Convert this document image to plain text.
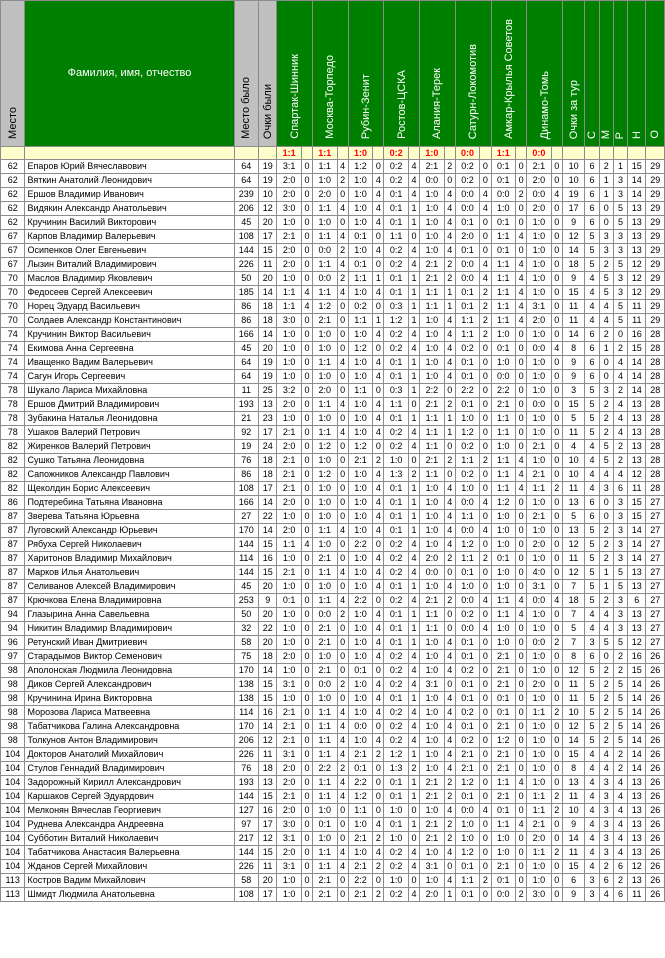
Место	Фамилия, имя, отчество	Место было	Очки были	Спартак-Шинник		Москва-Торпедо		Рубин-Зенит		Ростов-ЦСКА		Алания-Терек		Сатурн-Локомотив		Амкар-Крылья Советов		Динамо-Томь		Очки за тур	С	М	Р	Н	О
				1:1		1:1		1:0		0:2		1:0		0:0		1:1		0:0							
62	Епаров Юрий Вячеславович	64	19	3:1	0	1:1	4	1:2	0	0:2	4	2:1	2	0:2	0	0:1	0	2:1	0	10	6	2	1	15	29
62	Вяткин Анатолий Леонидович	64	19	2:0	0	1:0	2	1:0	4	0:2	4	0:0	0	0:2	0	0:1	0	2:0	0	10	6	1	3	14	29
62	Ершов Владимир Иванович	239	10	2:0	0	2:0	0	1:0	4	0:1	4	1:0	4	0:0	4	0:0	2	0:0	4	19	6	1	3	14	29
62	Видякин Александр Анатольевич	206	12	3:0	0	1:1	4	1:0	4	0:1	1	1:0	4	0:0	4	1:0	0	2:0	0	17	6	0	5	13	29
62	Кручинин Василий Викторович	45	20	1:0	0	1:0	0	1:0	4	0:1	1	1:0	4	0:1	0	0:1	0	1:0	0	9	6	0	5	13	29
67	Карпов Владимир Валерьевич	108	17	2:1	0	1:1	4	0:1	0	1:1	0	1:0	4	2:0	0	1:1	4	1:0	0	12	5	3	3	13	29
67	Осипенков Олег Евгеньевич	144	15	2:0	0	0:0	2	1:0	4	0:2	4	1:0	4	0:1	0	0:1	0	1:0	0	14	5	3	3	13	29
67	Лызин Виталий Владимирович	226	11	2:0	0	1:1	4	0:1	0	0:2	4	2:1	2	0:0	4	1:1	4	1:0	0	18	5	2	5	12	29
70	Маслов Владимир Яковлевич	50	20	1:0	0	0:0	2	1:1	1	0:1	1	2:1	2	0:0	4	1:1	4	1:0	0	9	4	5	3	12	29
70	Федосеев Сергей Алексеевич	185	14	1:1	4	1:1	4	1:0	4	0:1	1	1:1	1	0:1	2	1:1	4	1:0	0	15	4	5	3	12	29
70	Норец Эдуард Васильевич	86	18	1:1	4	1:2	0	0:2	0	0:3	1	1:1	1	0:1	2	1:1	4	3:1	0	11	4	4	5	11	29
70	Солдаев Александр Константинович	86	18	3:0	0	2:1	0	1:1	1	1:2	1	1:0	4	1:1	2	1:1	4	2:0	0	11	4	4	5	11	29
74	Кручинин Виктор Васильевич	166	14	1:0	0	1:0	0	1:0	4	0:2	4	1:0	4	1:1	2	1:0	0	1:0	0	14	6	2	0	16	28
74	Екимова Анна Сергеевна	45	20	1:0	0	1:0	0	1:2	0	0:2	4	1:0	4	0:2	0	0:1	0	0:0	4	8	6	1	2	15	28
74	Иващенко Вадим Валерьевич	64	19	1:0	0	1:1	4	1:0	4	0:1	1	1:0	4	0:1	0	1:0	0	1:0	0	9	6	0	4	14	28
74	Сагун Игорь Сергеевич	64	19	1:0	0	1:0	0	1:0	4	0:1	1	1:0	4	0:1	0	0:0	0	1:0	0	9	6	0	4	14	28
78	Шукало Лариса Михайловна	11	25	3:2	0	2:0	0	1:1	0	0:3	1	2:2	0	2:2	0	2:2	0	1:0	0	3	5	3	2	14	28
78	Ершов Дмитрий Владимирович	193	13	2:0	0	1:1	4	1:0	4	1:1	0	2:1	2	0:1	0	2:1	0	0:0	0	15	5	2	4	13	28
78	Зубакина Наталья Леонидовна	21	23	1:0	0	1:0	0	1:0	4	0:1	1	1:1	1	1:0	0	1:1	0	1:0	0	5	5	2	4	13	28
78	Ушаков Валерий Петрович	92	17	2:1	0	1:1	4	1:0	4	0:2	4	1:1	1	1:2	0	1:1	0	1:0	0	11	5	2	4	13	28
82	Жиренков Валерий Петрович	19	24	2:0	0	1:2	0	1:2	0	0:2	4	1:1	0	0:2	0	1:0	0	2:1	0	4	4	5	2	13	28
82	Сушко Татьяна Леонидовна	76	18	2:1	0	1:0	0	2:1	2	1:0	0	2:1	2	1:1	2	1:1	4	1:0	0	10	4	5	2	13	28
82	Сапожников Александр Павлович	86	18	2:1	0	1:2	0	1:0	4	1:3	2	1:1	0	0:2	0	1:1	4	2:1	0	10	4	4	4	12	28
82	Щеколдин Борис Алексеевич	108	17	2:1	0	1:0	0	1:0	4	0:1	1	1:0	4	1:0	0	1:1	4	1:1	2	11	4	3	6	11	28
86	Подтеребина Татьяна Ивановна	166	14	2:0	0	1:0	0	1:0	4	0:1	1	1:0	4	0:0	4	1:2	0	1:0	0	13	6	0	3	15	27
87	Зверева Татьяна Юрьевна	27	22	1:0	0	1:0	0	1:0	4	0:1	1	1:0	4	1:1	0	1:0	0	2:1	0	5	6	0	3	15	27
87	Луговский Александр Юрьевич	170	14	2:0	0	1:1	4	1:0	4	0:1	1	1:0	4	0:0	4	1:0	0	1:0	0	13	5	2	3	14	27
87	Рябуха Сергей Николаевич	144	15	1:1	4	1:0	0	2:2	0	0:2	4	1:0	4	1:2	0	1:0	0	2:0	0	12	5	2	3	14	27
87	Харитонов Владимир Михайлович	114	16	1:0	0	2:1	0	1:0	4	0:2	4	2:0	2	1:1	2	0:1	0	1:0	0	11	5	2	3	14	27
87	Марков Илья Анатольевич	144	15	2:1	0	1:1	4	1:0	4	0:2	4	0:0	0	0:1	0	1:0	0	4:0	0	12	5	1	5	13	27
87	Селиванов Алексей Владимирович	45	20	1:0	0	1:0	0	1:0	4	0:1	1	1:0	4	1:0	0	1:0	0	3:1	0	7	5	1	5	13	27
87	Крючкова Елена Владимировна	253	9	0:1	0	1:1	4	2:2	0	0:2	4	2:1	2	0:0	4	1:1	4	0:0	4	18	5	2	3	6	27
94	Глазырина Анна Савельевна	50	20	1:0	0	0:0	2	1:0	4	0:1	1	1:1	0	0:2	0	1:1	4	1:0	0	7	4	4	3	13	27
94	Никитин Владимир Владимирович	32	22	1:0	0	2:1	0	1:0	4	0:1	1	1:1	0	0:0	4	1:0	0	1:0	0	5	4	4	3	13	27
96	Ретунский Иван Дмитриевич	58	20	1:0	0	2:1	0	1:0	4	0:1	1	1:0	4	0:1	0	1:0	0	0:0	2	7	3	5	5	12	27
97	Старадымов Виктор Семенович	75	18	2:0	0	1:0	0	1:0	4	0:2	4	1:0	4	0:1	0	2:1	0	1:0	0	8	6	0	2	16	26
98	Аполонская Людмила Леонидовна	170	14	1:0	0	2:1	0	0:1	0	0:2	4	1:0	4	0:2	0	2:1	0	1:0	0	12	5	2	2	15	26
98	Диков Сергей Александрович	138	15	3:1	0	0:0	2	1:0	4	0:2	4	3:1	0	0:1	0	2:1	0	2:0	0	11	5	2	5	14	26
98	Кручинина Ирина Викторовна	138	15	1:0	0	1:0	0	1:0	4	0:1	1	1:0	4	0:1	0	0:1	0	1:0	0	11	5	2	5	14	26
98	Морозова Лариса Матвеевна	114	16	2:1	0	1:1	4	1:0	4	0:2	4	1:0	4	0:2	0	0:1	0	1:1	2	10	5	2	5	14	26
98	Табатчикова Галина Александровна	170	14	2:1	0	1:1	4	0:0	0	0:2	4	1:0	4	0:1	0	2:1	0	1:0	0	12	5	2	5	14	26
98	Толкунов Антон Владимирович	206	12	2:1	0	1:1	4	1:0	4	0:2	4	1:0	4	0:2	0	1:2	0	1:0	0	14	5	2	5	14	26
104	Докторов Анатолий Михайлович	226	11	3:1	0	1:1	4	2:1	2	1:2	1	1:0	4	2:1	0	2:1	0	1:0	0	15	4	4	2	14	26
104	Стулов Геннадий Владимирович	76	18	2:0	0	2:2	2	0:1	0	1:3	2	1:0	4	2:1	0	2:1	0	1:0	0	8	4	4	2	14	26
104	Задорожный Кирилл Александрович	193	13	2:0	0	1:1	4	2:2	0	0:1	1	2:1	2	1:2	0	1:1	4	1:0	0	13	4	3	4	13	26
104	Каршаков Сергей Эдуардович	144	15	2:1	0	1:1	4	1:2	0	0:1	1	2:1	2	0:1	0	2:1	0	1:1	2	11	4	3	4	13	26
104	Мелконян Вячеслав Георгиевич	127	16	2:0	0	1:0	0	1:1	0	1:0	0	1:0	4	0:0	4	0:1	0	1:1	2	10	4	3	4	13	26
104	Руднева Александра Андреевна	97	17	3:0	0	0:1	0	1:0	4	0:1	1	2:1	2	1:0	0	1:1	4	2:1	0	9	4	3	4	13	26
104	Субботин Виталий Николаевич	217	12	3:1	0	1:0	0	2:1	2	1:0	0	2:1	2	1:0	0	1:0	0	2:0	0	14	4	3	4	13	26
104	Табатчикова Анастасия Валерьевна	144	15	2:0	0	1:1	4	1:0	4	0:2	4	1:0	4	1:2	0	1:0	0	1:1	2	11	4	3	4	13	26
104	Жданов Сергей Михайлович	226	11	3:1	0	1:1	4	2:1	2	0:2	4	3:1	0	0:1	0	2:1	0	1:0	0	15	4	2	6	12	26
113	Костров Вадим Михайлович	58	20	1:0	0	2:1	0	2:2	0	1:0	0	1:0	4	1:1	2	0:1	0	1:0	0	6	3	6	2	13	26
113	Шмидт Людмила Анатольевна	108	17	1:0	0	2:1	0	2:1	2	0:2	4	2:0	1	0:1	0	0:0	2	3:0	0	9	3	4	6	11	26
